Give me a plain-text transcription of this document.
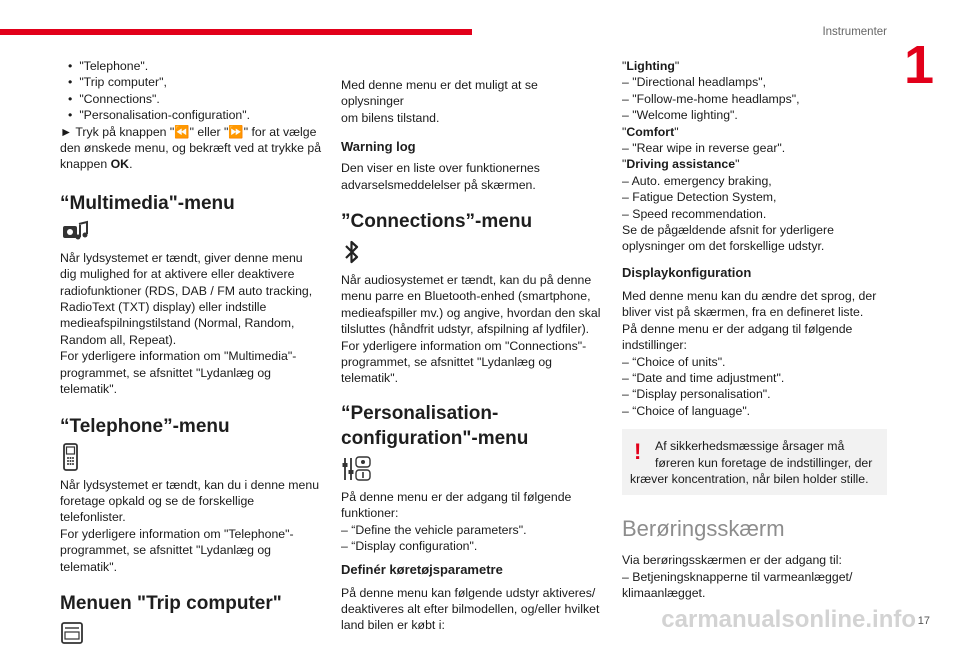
Instrumenter
1
carmanualsonline.info 17
• "Telephone".
• "Trip computer",
• "Connections".
• "Personalisation-configuration".

► Tryk på knappen "⏪" eller "⏩" for at vælge
den ønskede menu, og bekræft ved at trykke på
knappen OK.

“Multimedia"-menu

Når lydsystemet er tændt, giver denne menu
dig mulighed for at aktivere eller deaktivere
radiofunktioner (RDS, DAB / FM auto tracking,
RadioText (TXT) display) eller indstille
medieafspilningstilstand (Normal, Random,
Random all, Repeat).
For yderligere information om "Multimedia"-
programmet, se afsnittet "Lydanlæg og
telematik".

“Telephone”-menu

Når lydsystemet er tændt, kan du i denne menu
foretage opkald og se de forskellige telefonlister.
For yderligere information om "Telephone"-
programmet, se afsnittet "Lydanlæg og
telematik".

Menuen "Trip computer"

Med denne menu er det muligt at se oplysninger
om bilens tilstand.

Warning log

Den viser en liste over funktionernes
advarselsmeddelelser på skærmen.

”Connections”-menu

Når audiosystemet er tændt, kan du på denne
menu parre en Bluetooth-enhed (smartphone,
medieafspiller mv.) og angive, hvordan den skal
tilsluttes (håndfrit udstyr, afspilning af lydfiler).
For yderligere information om "Connections"-
programmet, se afsnittet "Lydanlæg og
telematik".

“Personalisation-
configuration"-menu

På denne menu er der adgang til følgende
funktioner:
– “Define the vehicle parameters".
– “Display configuration".

Definér køretøjsparametre

På denne menu kan følgende udstyr aktiveres/
deaktiveres alt efter bilmodellen, og/eller hvilket
land bilen er købt i:

"Lighting"
– "Directional headlamps",
– "Follow-me-home headlamps",
– "Welcome lighting".
"Comfort"
– "Rear wipe in reverse gear".
"Driving assistance"
– Auto. emergency braking,
– Fatigue Detection System,
– Speed recommendation.
Se de pågældende afsnit for yderligere
oplysninger om det forskellige udstyr.

Displaykonfiguration

Med denne menu kan du ændre det sprog, der
bliver vist på skærmen, fra en defineret liste.
På denne menu er der adgang til følgende
indstillinger:
– “Choice of units".
– “Date and time adjustment".
– “Display personalisation".
– “Choice of language".

!	Af sikkerhedsmæssige årsager må
føreren kun foretage de indstillinger, der

kræver koncentration, når bilen holder stille.
Berøringsskærm

Via berøringsskærmen er der adgang til:
– Betjeningsknapperne til varmeanlægget/
klimaanlægget.
